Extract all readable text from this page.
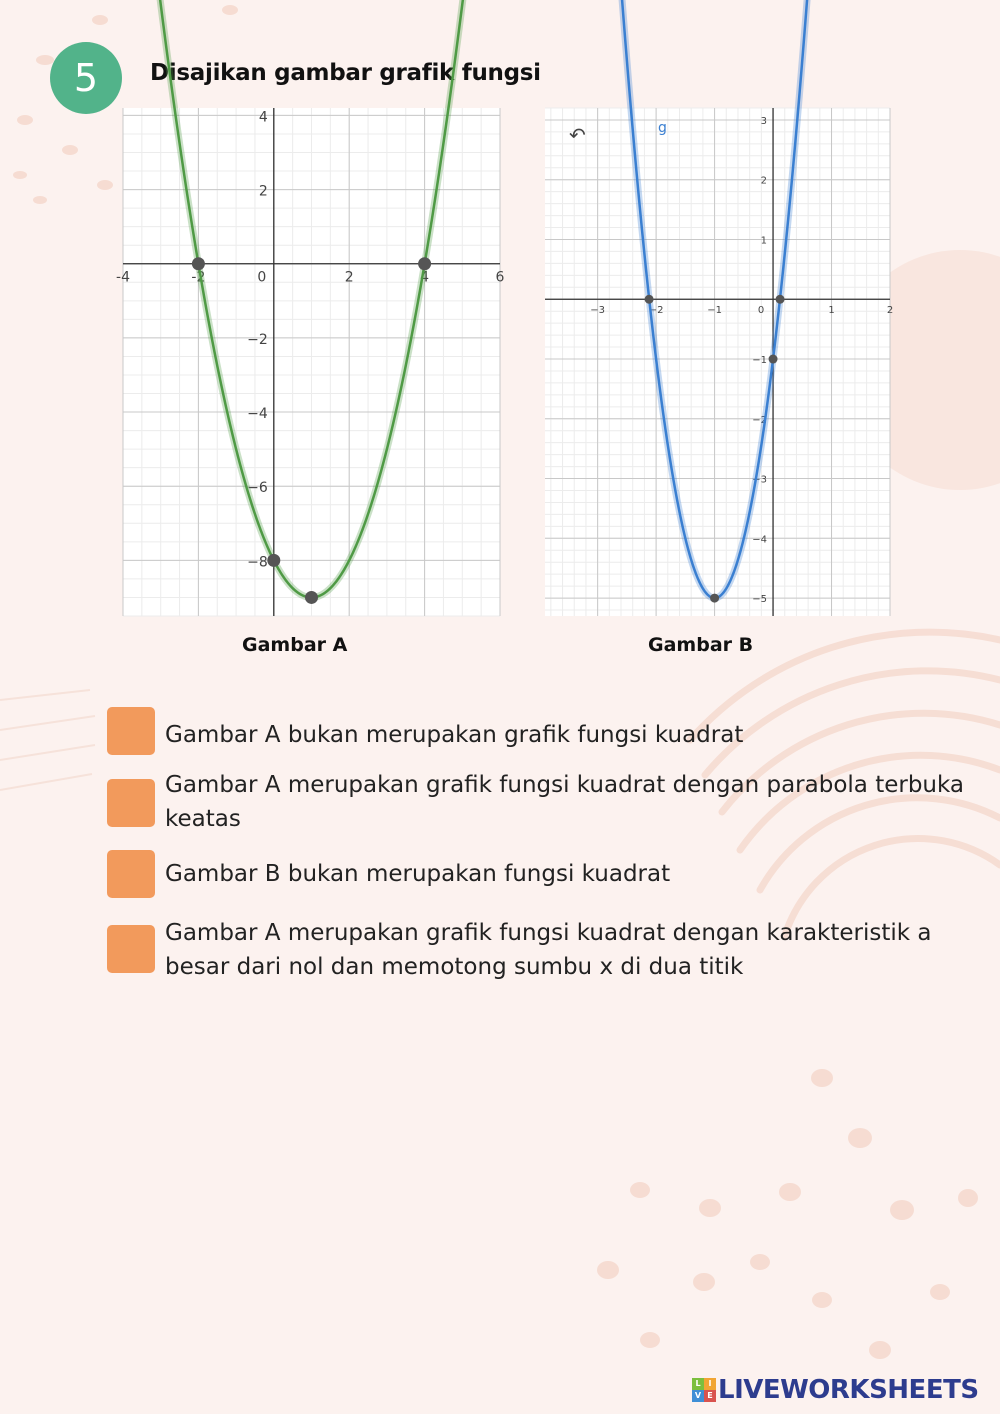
5	Disajikan gambar grafik fungsi
-4	-2	0	2	4	6
4
2
−2
−4
−6
−8
−3	−2	−1	0	1	2
3
2
1
−1
−2
−3
−4
−5
↶	g
Gambar A	Gambar B
Gambar A bukan merupakan grafik fungsi kuadrat
Gambar A merupakan grafik fungsi kuadrat dengan parabola terbuka keatas
Gambar B bukan merupakan fungsi kuadrat
Gambar A merupakan grafik fungsi kuadrat dengan karakteristik a besar dari nol dan memotong sumbu x di dua titik
L I
V E LIVEWORKSHEETS
